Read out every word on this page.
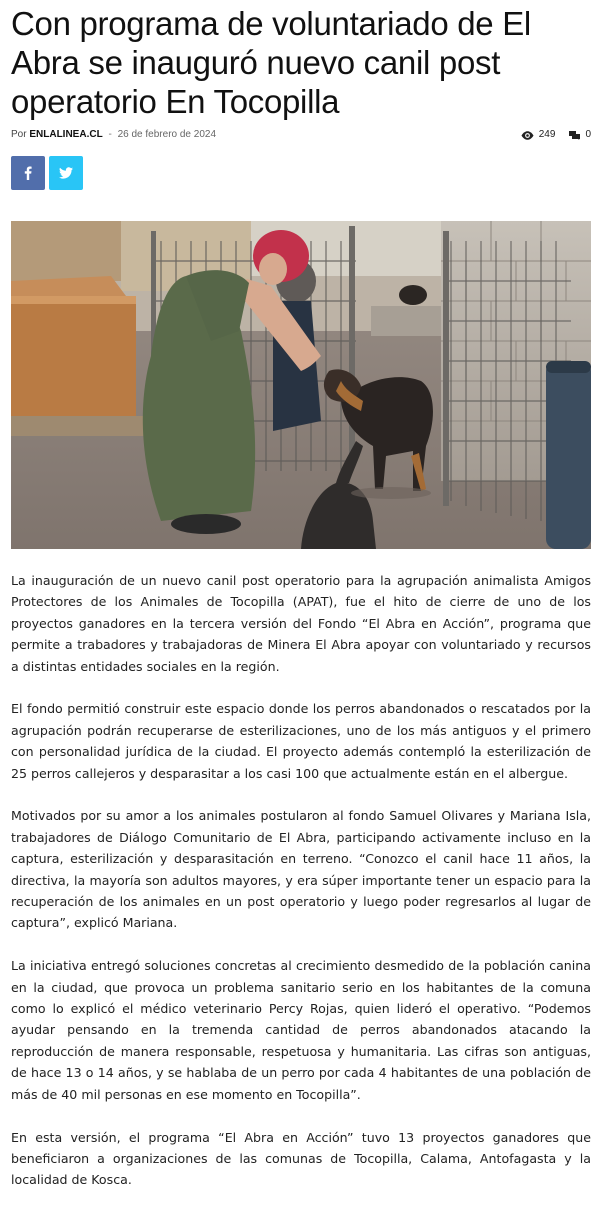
Con programa de voluntariado de El Abra se inauguró nuevo canil post operatorio En Tocopilla
Por ENLALINEA.CL - 26 de febrero de 2024	249	0

La inauguración de un nuevo canil post operatorio para la agrupación animalista Amigos Protectores de los Animales de Tocopilla (APAT), fue el hito de cierre de uno de los proyectos ganadores en la tercera versión del Fondo “El Abra en Acción”, programa que permite a trabadores y trabajadoras de Minera El Abra apoyar con voluntariado y recursos a distintas entidades sociales en la región.

El fondo permitió construir este espacio donde los perros abandonados o rescatados por la agrupación podrán recuperarse de esterilizaciones, uno de los más antiguos y el primero con personalidad jurídica de la ciudad. El proyecto además contempló la esterilización de 25 perros callejeros y desparasitar a los casi 100 que actualmente están en el albergue.

Motivados por su amor a los animales postularon al fondo Samuel Olivares y Mariana Isla, trabajadores de Diálogo Comunitario de El Abra, participando activamente incluso en la captura, esterilización y desparasitación en terreno. “Conozco el canil hace 11 años, la directiva, la mayoría son adultos mayores, y era súper importante tener un espacio para la recuperación de los animales en un post operatorio y luego poder regresarlos al lugar de captura”, explicó Mariana.

La iniciativa entregó soluciones concretas al crecimiento desmedido de la población canina en la ciudad, que provoca un problema sanitario serio en los habitantes de la comuna como lo explicó el médico veterinario Percy Rojas, quien lideró el operativo. “Podemos ayudar pensando en la tremenda cantidad de perros abandonados atacando la reproducción de manera responsable, respetuosa y humanitaria. Las cifras son antiguas, de hace 13 o 14 años, y se hablaba de un perro por cada 4 habitantes de una población de más de 40 mil personas en ese momento en Tocopilla”.

En esta versión, el programa “El Abra en Acción” tuvo 13 proyectos ganadores que beneficiaron a organizaciones de las comunas de Tocopilla, Calama, Antofagasta y la localidad de Kosca.
